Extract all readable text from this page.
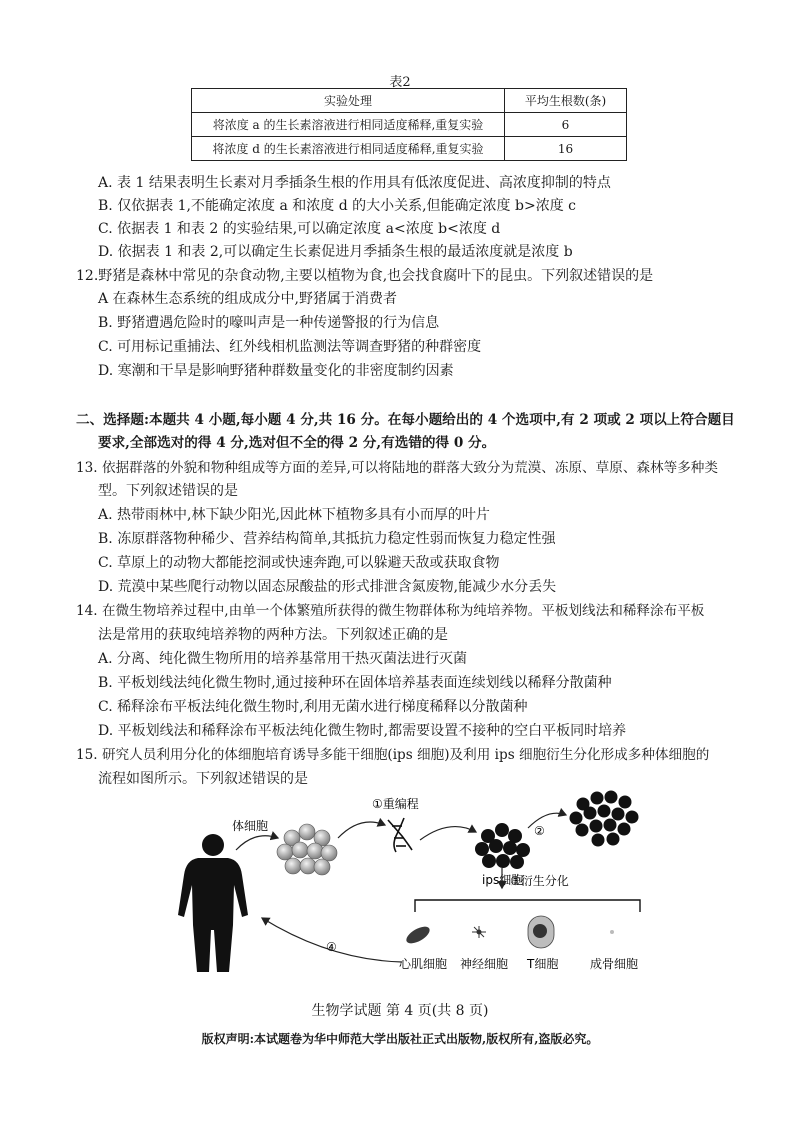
表2
实验处理	平均生根数(条)
将浓度 a 的生长素溶液进行相同适度稀释,重复实验	6
将浓度 d 的生长素溶液进行相同适度稀释,重复实验	16
A. 表 1 结果表明生长素对月季插条生根的作用具有低浓度促进、高浓度抑制的特点
B. 仅依据表 1,不能确定浓度 a 和浓度 d 的大小关系,但能确定浓度 b>浓度 c
C. 依据表 1 和表 2 的实验结果,可以确定浓度 a<浓度 b<浓度 d
D. 依据表 1 和表 2,可以确定生长素促进月季插条生根的最适浓度就是浓度 b
12.野猪是森林中常见的杂食动物,主要以植物为食,也会找食腐叶下的昆虫。下列叙述错误的是
A 在森林生态系统的组成成分中,野猪属于消费者
B. 野猪遭遇危险时的嚎叫声是一种传递警报的行为信息
C. 可用标记重捕法、红外线相机监测法等调查野猪的种群密度
D. 寒潮和干旱是影响野猪种群数量变化的非密度制约因素
二、选择题:本题共 4 小题,每小题 4 分,共 16 分。在每小题给出的 4 个选项中,有 2 项或 2 项以上符合题目
要求,全部选对的得 4 分,选对但不全的得 2 分,有选错的得 0 分。
13. 依据群落的外貌和物种组成等方面的差异,可以将陆地的群落大致分为荒漠、冻原、草原、森林等多种类
型。下列叙述错误的是
A. 热带雨林中,林下缺少阳光,因此林下植物多具有小而厚的叶片
B. 冻原群落物种稀少、营养结构简单,其抵抗力稳定性弱而恢复力稳定性强
C. 草原上的动物大都能挖洞或快速奔跑,可以躲避天敌或获取食物
D. 荒漠中某些爬行动物以固态尿酸盐的形式排泄含氮废物,能减少水分丢失
14. 在微生物培养过程中,由单一个体繁殖所获得的微生物群体称为纯培养物。平板划线法和稀释涂布平板
法是常用的获取纯培养物的两种方法。下列叙述正确的是
A. 分离、纯化微生物所用的培养基常用干热灭菌法进行灭菌
B. 平板划线法纯化微生物时,通过接种环在固体培养基表面连续划线以稀释分散菌种
C. 稀释涂布平板法纯化微生物时,利用无菌水进行梯度稀释以分散菌种
D. 平板划线法和稀释涂布平板法纯化微生物时,都需要设置不接种的空白平板同时培养
15. 研究人员利用分化的体细胞培育诱导多能干细胞(ips 细胞)及利用 ips 细胞衍生分化形成多种体细胞的
流程如图所示。下列叙述错误的是
体细胞
①重编程
ips细胞
②
③衍生分化
④
心肌细胞 神经细胞 T细胞	成骨细胞
生物学试题 第 4 页(共 8 页)
版权声明:本试题卷为华中师范大学出版社正式出版物,版权所有,盗版必究。
